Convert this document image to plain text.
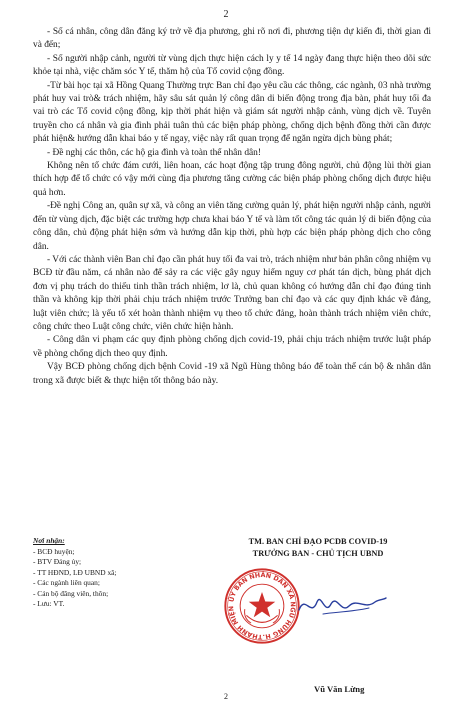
2

- Số cá nhân, công dân đăng ký trở về địa phương, ghi rõ nơi đi, phương tiện dự kiến đi, thời gian đi và đến;

- Số người nhập cảnh, người từ vùng dịch thực hiện cách ly y tế 14 ngày đang thực hiện theo dõi sức khỏe tại nhà, việc chăm sóc Y tế, thăm hộ của Tổ covid cộng đồng.

-Từ bài học tại xã Hồng Quang Thường trực Ban chỉ đạo yêu cầu các thông, các ngành, 03 nhà trường phát huy vai trò& trách nhiệm, hãy sâu sát quản lý công dân di biến động trong địa bàn, phát huy tối đa vai trò các Tổ covid cộng đồng, kịp thời phát hiện và giám sát người nhập cảnh, vùng dịch về. Tuyên truyền cho cá nhân và gia đình phải tuân thủ các biện pháp phòng, chống dịch bệnh đồng thời cần được phát hiện& hướng dẫn khai báo y tế ngay, việc này rất quan trọng để ngăn ngừa dịch bùng phát;

- Đề nghị các thôn, các hộ gia đình và toàn thể nhân dân!

Không nên tổ chức đám cưới, liên hoan, các hoạt động tập trung đông người, chủ động lùi thời gian thích hợp để tổ chức có vậy mới cùng địa phương tăng cường các biện pháp phòng chống dịch được hiệu quả hơn.

-Đề nghị Công an, quân sự xã, và công an viên tăng cường quản lý, phát hiện người nhập cảnh, người đến từ vùng dịch, đặc biệt các trường hợp chưa khai báo Y tế và làm tốt công tác quản lý di biến động của công dân, chủ động phát hiện sớm và hướng dẫn kịp thời, phù hợp các biện pháp phòng dịch cho công dân.

- Với các thành viên Ban chỉ đạo cần phát huy tối đa vai trò, trách nhiệm như bản phân công nhiệm vụ BCĐ từ đầu năm, cá nhân nào để sảy ra các việc gây nguy hiểm nguy cơ phát tán dịch, bùng phát dịch đơn vị phụ trách do thiếu tinh thần trách nhiệm, lơ là, chủ quan không có hướng dẫn chỉ đạo đúng tinh thần và không kịp thời phải chịu trách nhiệm trước Trưởng ban chỉ đạo và các quy định khác về đảng, luật viên chức; là yếu tố xét hoàn thành nhiệm vụ theo tổ chức đảng, hoàn thành trách nhiệm viên chức, công chức theo Luật công chức, viên chức hiện hành.

- Công dân vi phạm các quy định phòng chống dịch covid-19, phải chịu trách nhiệm trước luật pháp về phòng chống dịch theo quy định.

Vậy BCĐ phòng chống dịch bệnh Covid -19 xã Ngũ Hùng thông báo để toàn thể cán bộ & nhân dân trong xã được biết & thực hiện tốt thông báo này.

Nơi nhận:
- BCĐ huyện;
- BTV Đảng ủy;
- TT HĐND, LĐ UBND xã;
- Các ngành liên quan;
- Cán bộ đăng viên, thôn;
- Lưu: VT.
TM. BAN CHỈ ĐẠO PCDB COVID-19
TRƯỞNG BAN - CHỦ TỊCH UBND
ỦY BAN NHÂN DÂN XÃ NGŨ HÙNG H.THANH MIỆN
Vũ Văn Lừng
2
